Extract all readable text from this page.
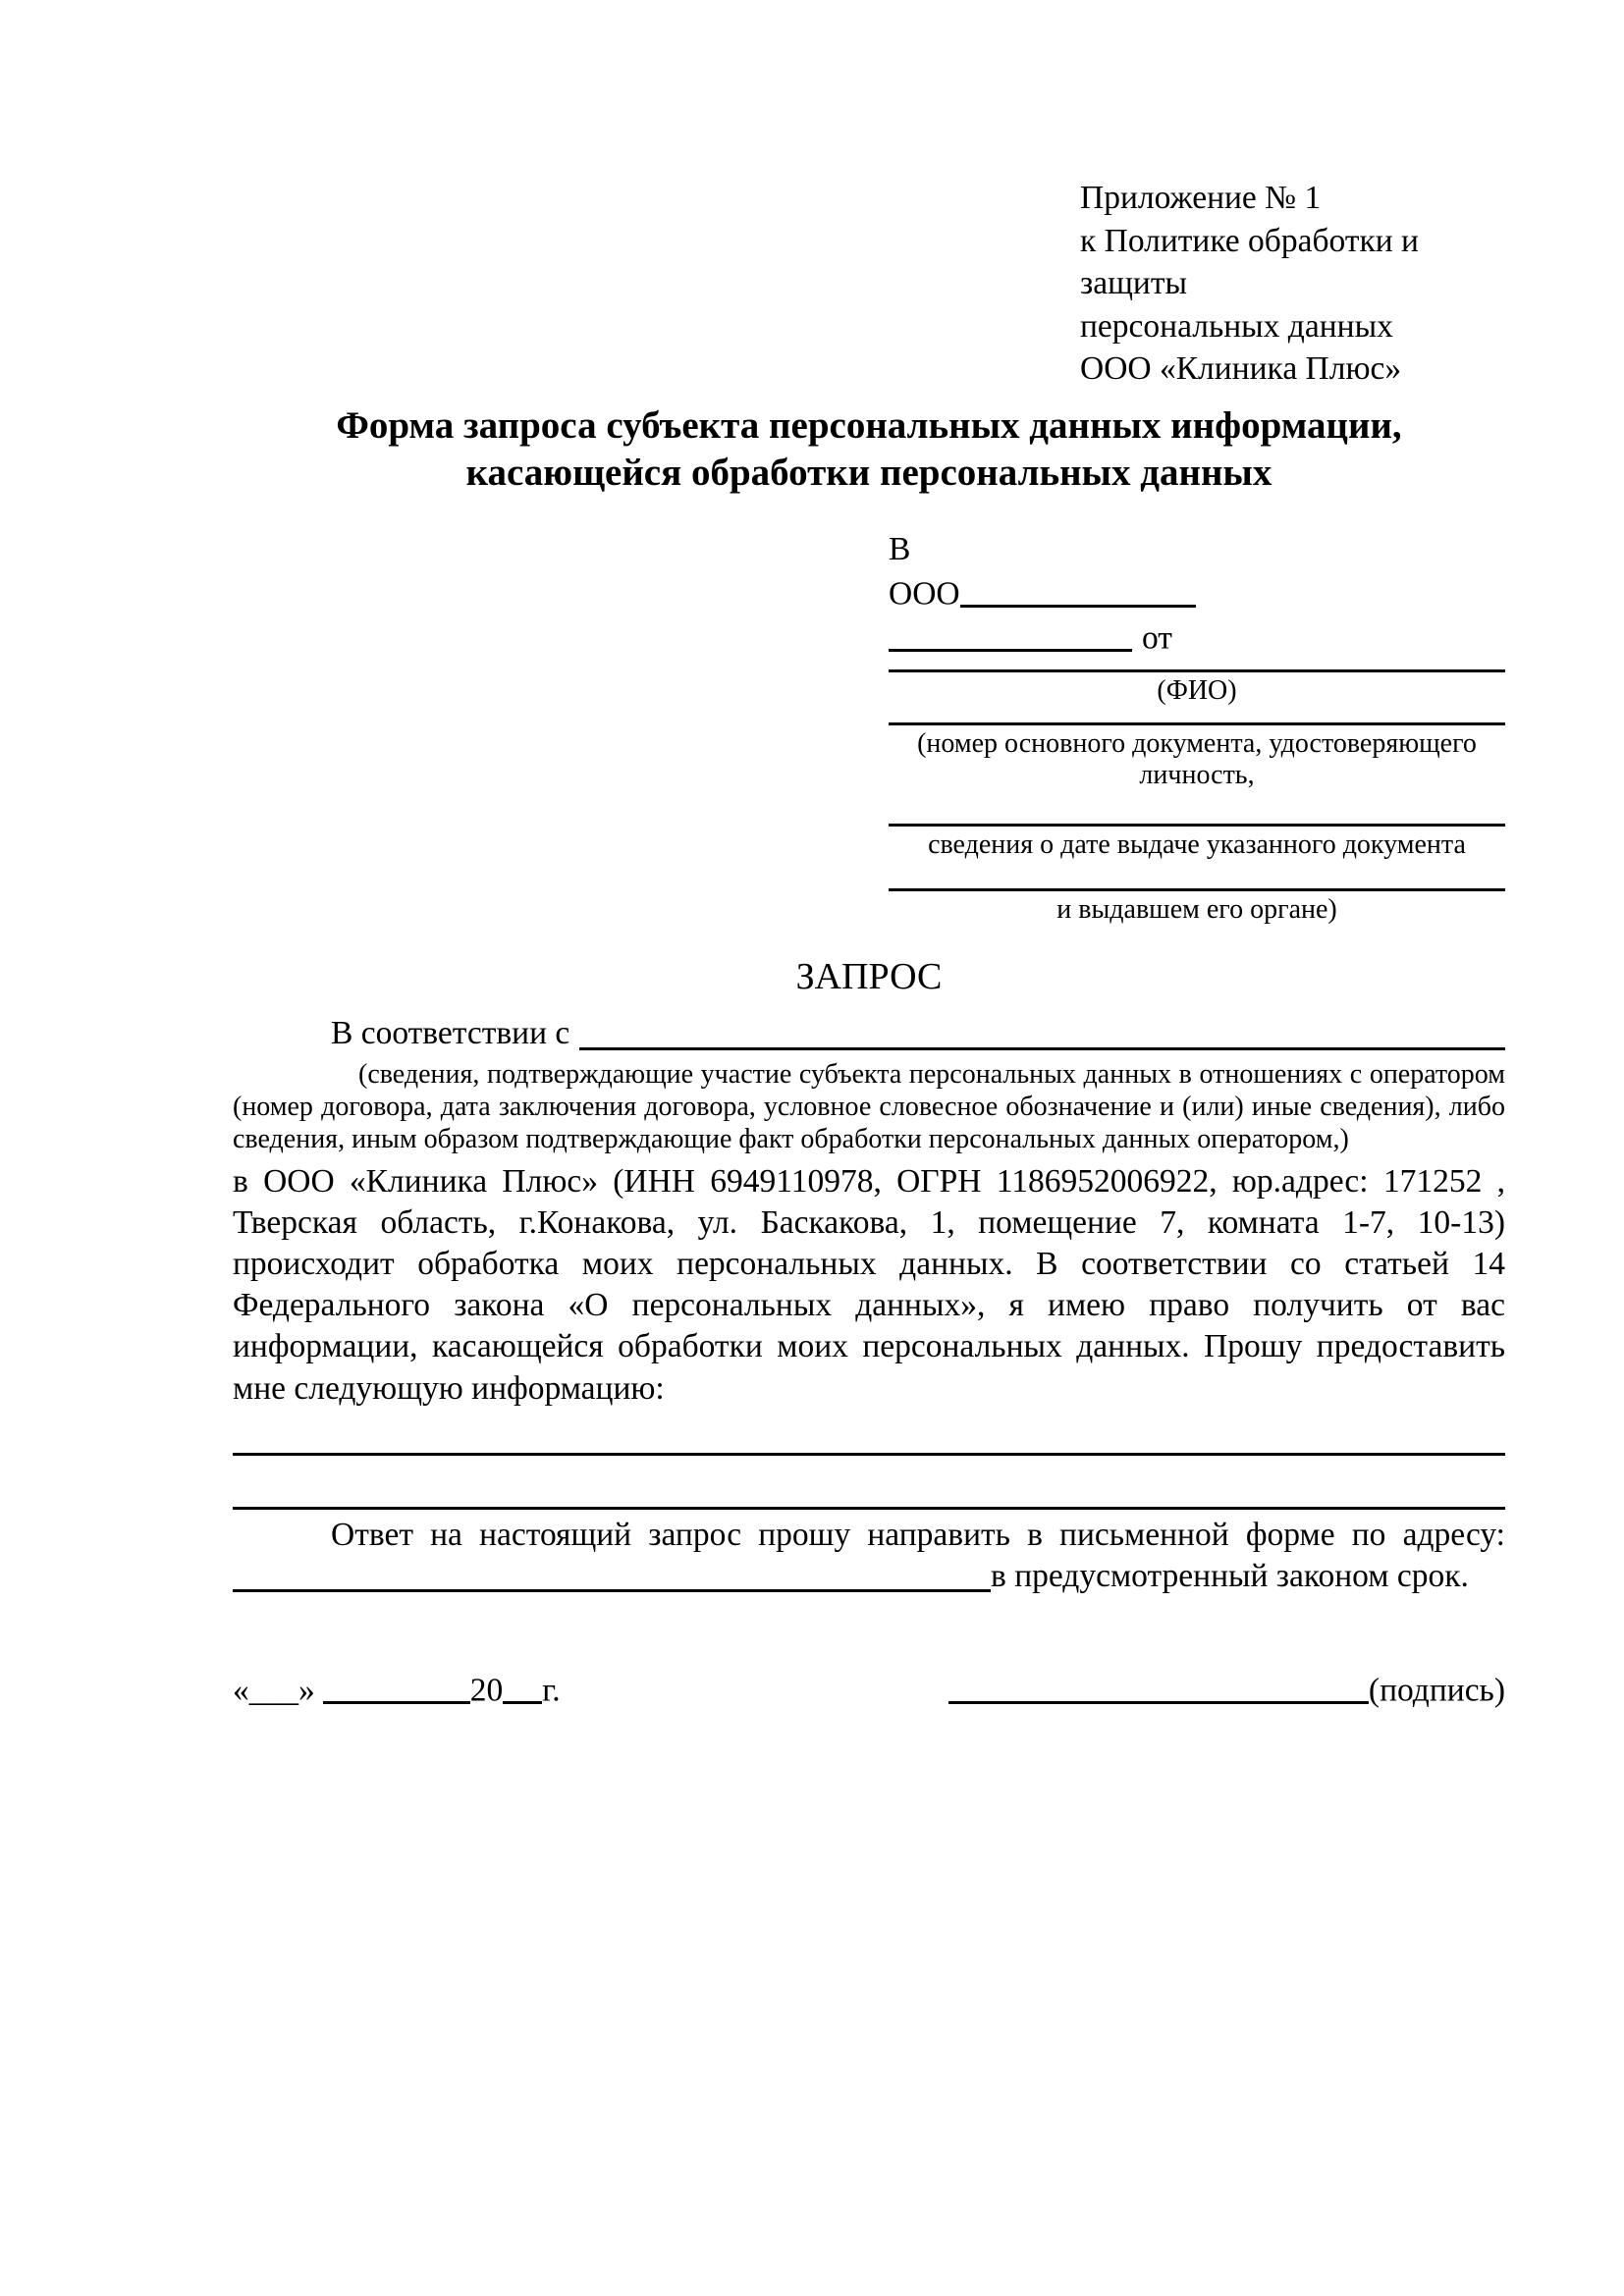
Приложение № 1
к Политике обработки и защиты
персональных данных
ООО «Клиника Плюс»
Форма запроса субъекта персональных данных информации,
касающейся обработки персональных данных
В
ООО
от
(ФИО)
(номер основного документа, удостоверяющего личность,
сведения о дате выдаче указанного документа
и выдавшем его органе)
ЗАПРОС
В соответствии с

(сведения, подтверждающие участие субъекта персональных данных в отношениях с оператором (номер договора, дата заключения договора, условное словесное обозначение и (или) иные сведения), либо сведения, иным образом подтверждающие факт обработки персональных данных оператором,)

в ООО «Клиника Плюс» (ИНН 6949110978, ОГРН 1186952006922, юр.адрес: 171252 , Тверская область, г.Конакова, ул. Баскакова, 1, помещение 7, комната 1-7, 10-13) происходит обработка моих персональных данных. В соответствии со статьей 14 Федерального закона «О персональных данных», я имею право получить от вас информации, касающейся обработки моих персональных данных. Прошу предоставить мне следующую информацию:

Ответ на настоящий запрос прошу направить в письменной форме по адресу:

в предусмотренный законом срок.
«___»	20 г.	(подпись)
